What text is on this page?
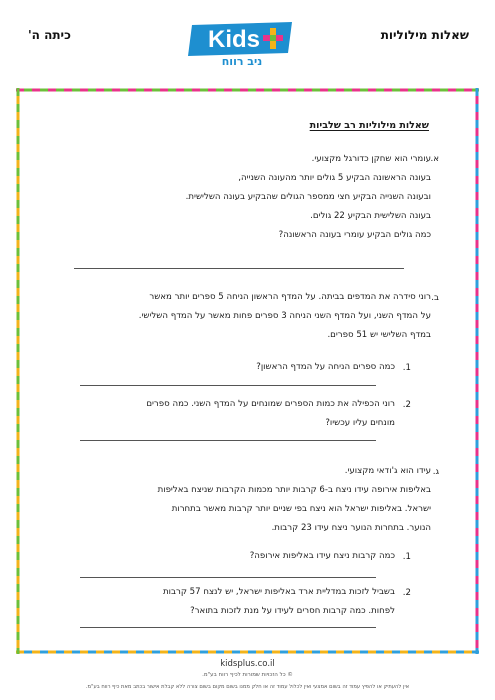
שאלות מילוליות
כיתה ה'	Kids
ניב רווח
שאלות מילוליות רב שלביות
א.
עומרי הוא שחקן כדורגל מקצועי.
בעונה הראשונה הבקיע 5 גולים יותר מהעונה השנייה,
ובעונה השנייה הבקיע חצי ממספר הגולים שהבקיע בעונה השלישית.
בעונה השלישית הבקיע 22 גולים.
כמה גולים הבקיע עומרי בעונה הראשונה?
ב.
רוני סידרה את המדפים בביתה. על המדף הראשון הניחה 5 ספרים יותר מאשר
על המדף השני, ועל המדף השני הניחה 3 ספרים פחות מאשר על המדף השלישי.
במדף השלישי יש 51 ספרים.
1.
כמה ספרים הניחה על המדף הראשון?
2.
רוני הכפילה את כמות הספרים שמונחים על המדף השני. כמה ספרים
מונחים עליו עכשיו?
ג.
עידו הוא ג'ודאי מקצועי.
באליפות אירופה עידו ניצח ב-6 קרבות יותר מכמות הקרבות שניצח באליפות
ישראל. באליפות ישראל הוא ניצח בפי שניים יותר קרבות מאשר בתחרות
הנוער. בתחרות הנוער ניצח עידו 23 קרבות.
1.
כמה קרבות ניצח עידו באליפות אירופה?
2.
בשביל לזכות במדליית ארד באליפות ישראל, יש לנצח 57 קרבות
לפחות. כמה קרבות חסרים לעידו על מנת לזכות בתואר?
kidsplus.co.il
© כל הזכויות שמורות לכיף רווח בע"מ.
אין להעתיק או להפיץ עמוד זה בשום אמצעי ואין לכלול עמוד זה או חלק ממנו בשום מקום בשום צורה ללא קבלת אישור בכתב מאת כיף רווח בע"מ.
